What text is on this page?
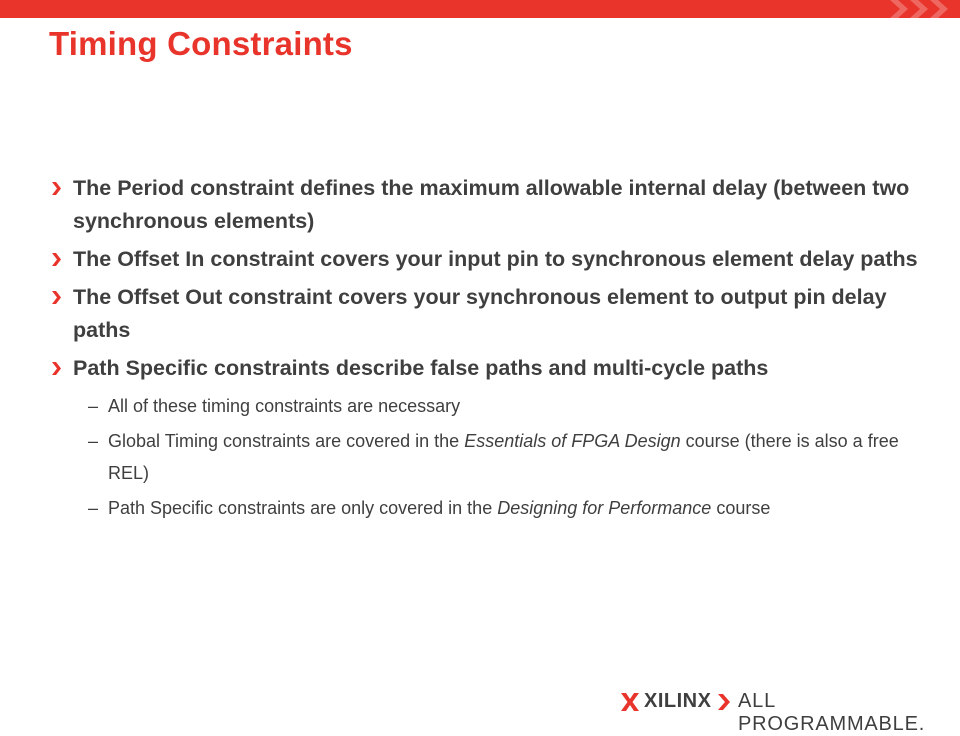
Timing Constraints
The Period constraint defines the maximum allowable internal delay (between two synchronous elements)
The Offset In constraint covers your input pin to synchronous element delay paths
The Offset Out constraint covers your synchronous element to output pin delay paths
Path Specific constraints describe false paths and multi-cycle paths
– All of these timing constraints are necessary
– Global Timing constraints are covered in the Essentials of FPGA Design course (there is also a free REL)
– Path Specific constraints are only covered in the Designing for Performance course
XILINX ALL PROGRAMMABLE.
